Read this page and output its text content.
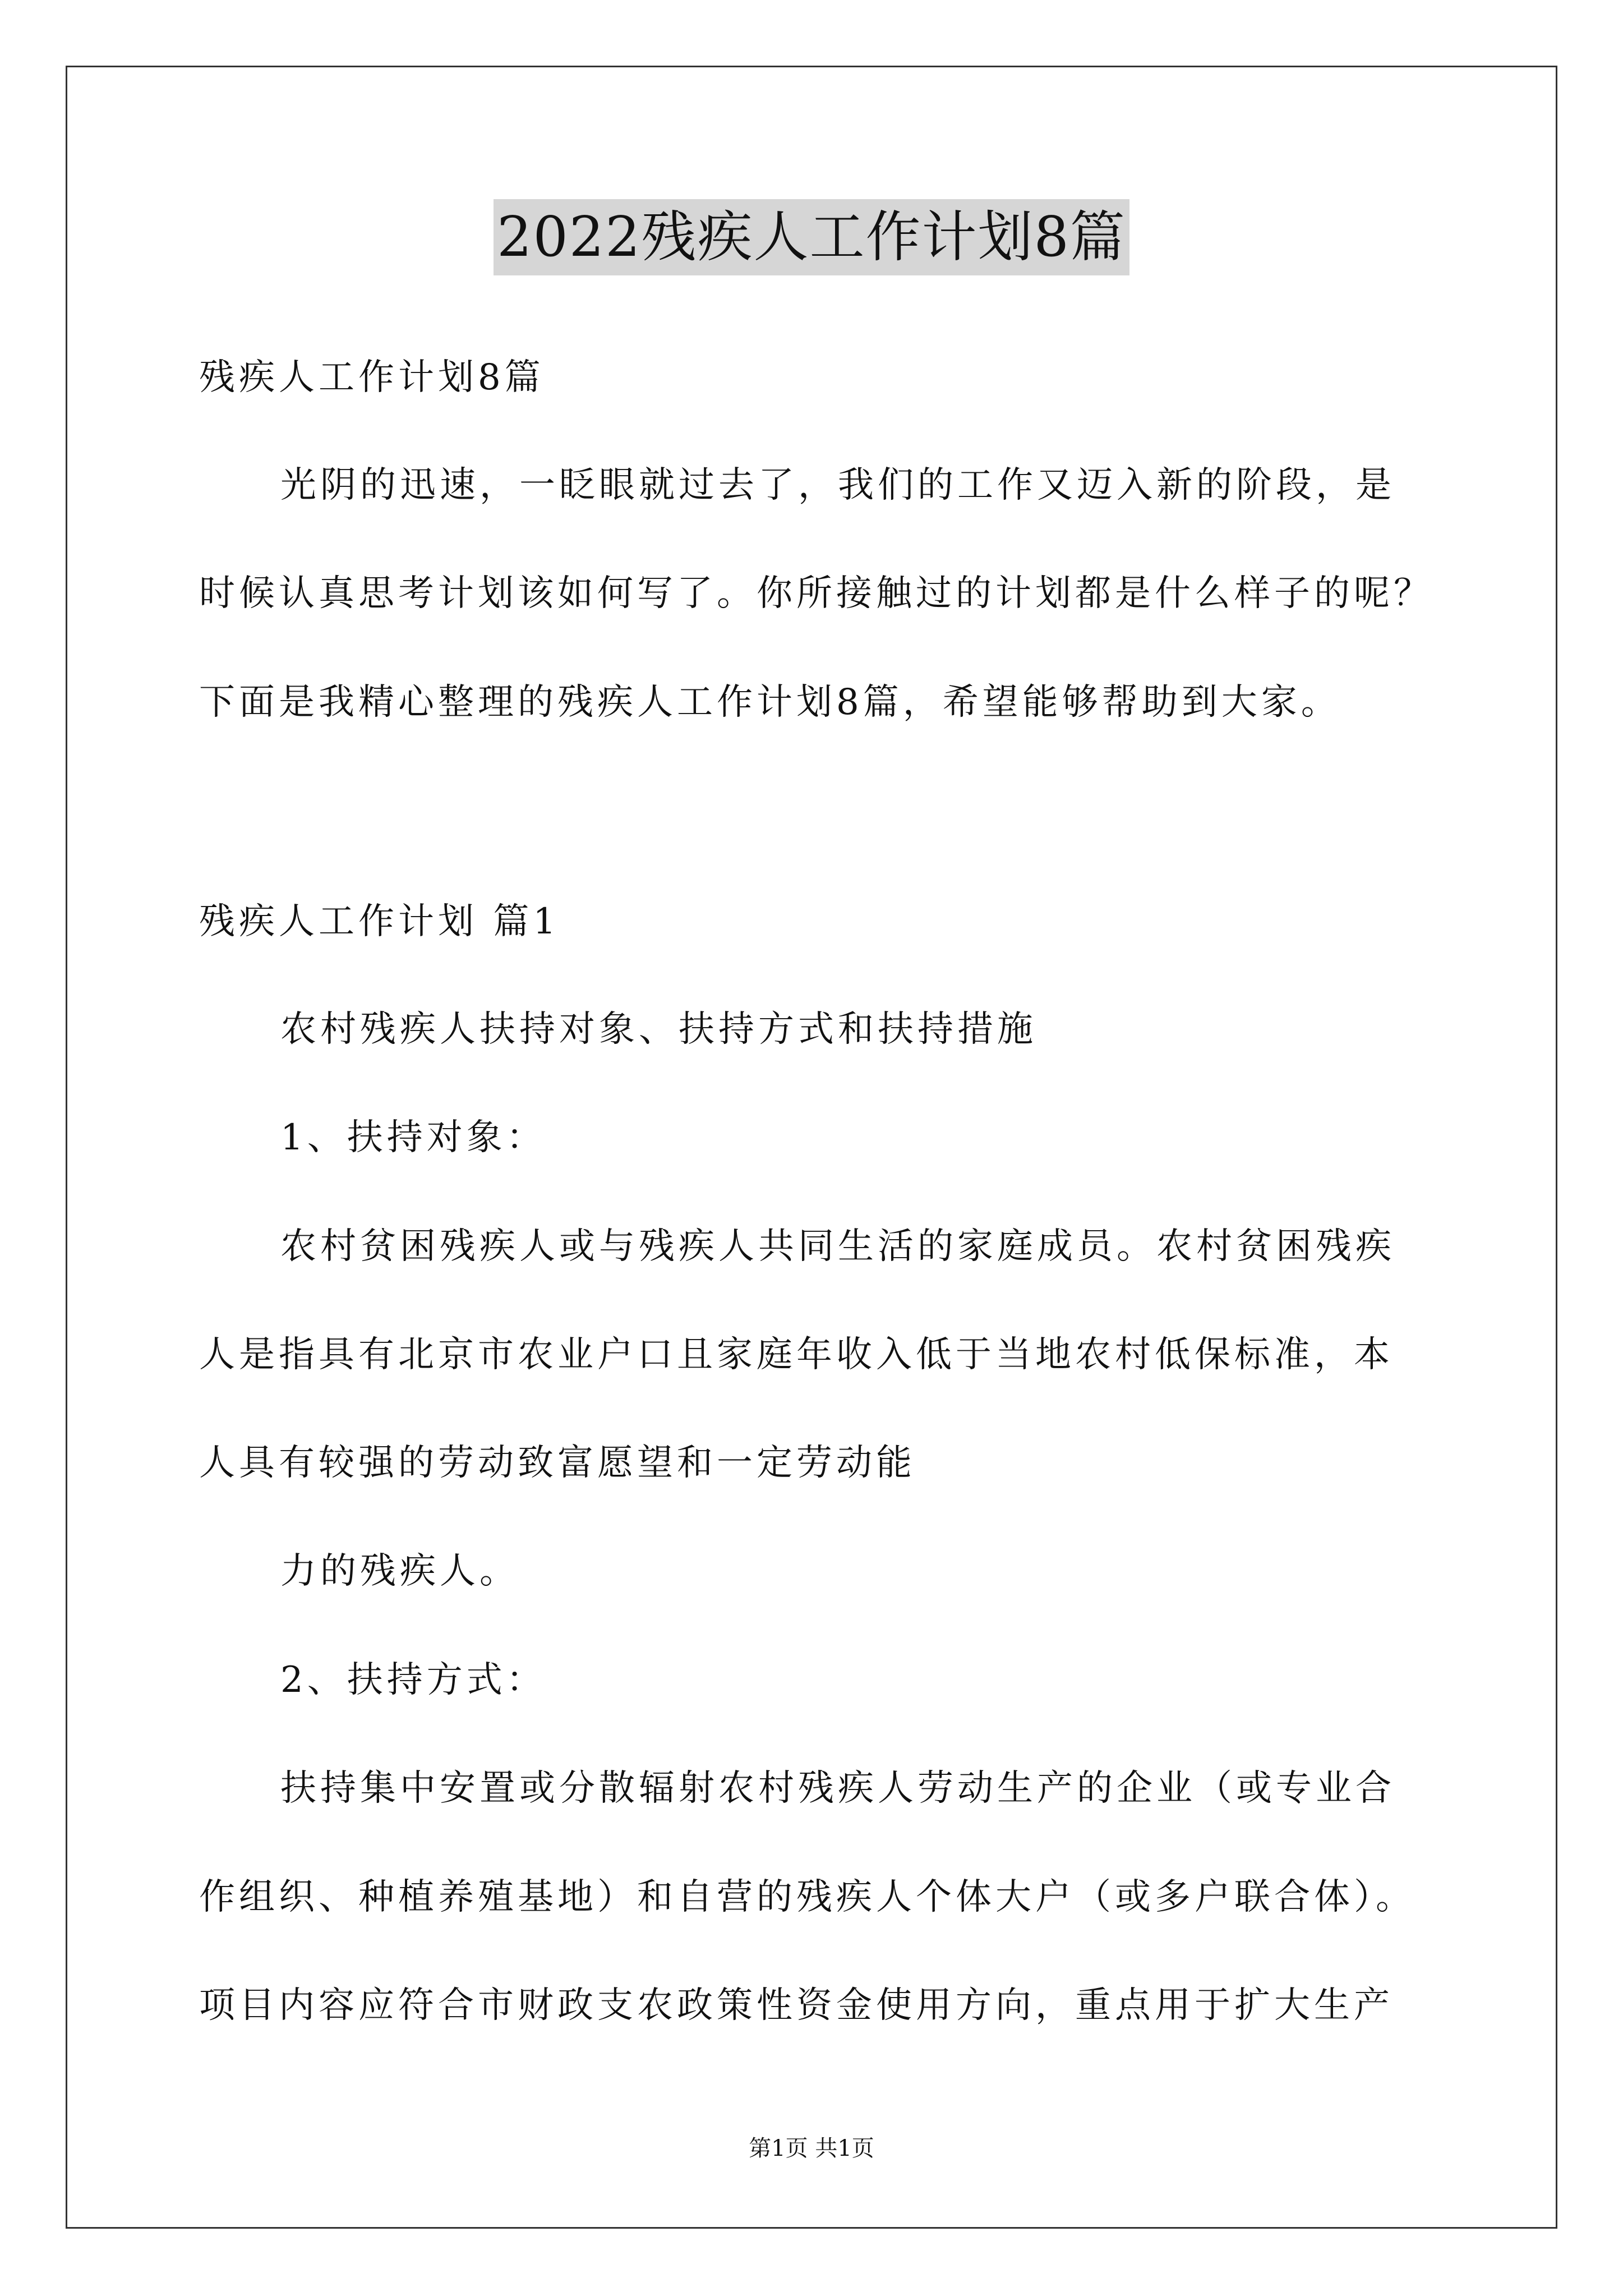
2022残疾人工作计划8篇
残疾人工作计划8篇
光阴的迅速，一眨眼就过去了，我们的工作又迈入新的阶段，是
时候认真思考计划该如何写了。你所接触过的计划都是什么样子的呢？
下面是我精心整理的残疾人工作计划8篇，希望能够帮助到大家。
残疾人工作计划 篇1
农村残疾人扶持对象、扶持方式和扶持措施
1、扶持对象：
农村贫困残疾人或与残疾人共同生活的家庭成员。农村贫困残疾
人是指具有北京市农业户口且家庭年收入低于当地农村低保标准，本
人具有较强的劳动致富愿望和一定劳动能
力的残疾人。
2、扶持方式：
扶持集中安置或分散辐射农村残疾人劳动生产的企业（或专业合
作组织、种植养殖基地）和自营的残疾人个体大户（或多户联合体）。
项目内容应符合市财政支农政策性资金使用方向，重点用于扩大生产
第1页 共1页
